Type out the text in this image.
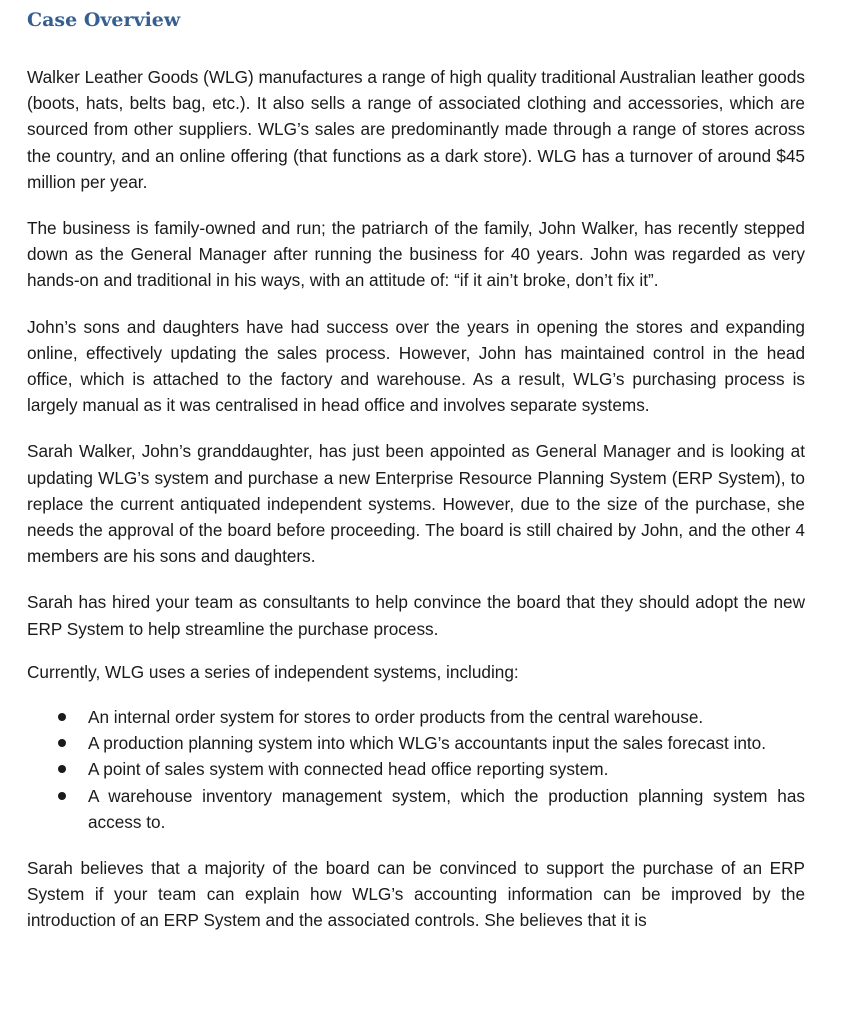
Case Overview

Walker Leather Goods (WLG) manufactures a range of high quality traditional Australian leather goods (boots, hats, belts bag, etc.). It also sells a range of associated clothing and accessories, which are sourced from other suppliers. WLG’s sales are predominantly made through a range of stores across the country, and an online offering (that functions as a dark store). WLG has a turnover of around $45 million per year.

The business is family-owned and run; the patriarch of the family, John Walker, has recently stepped down as the General Manager after running the business for 40 years. John was regarded as very hands-on and traditional in his ways, with an attitude of: “if it ain’t broke, don’t fix it”.

John’s sons and daughters have had success over the years in opening the stores and expanding online, effectively updating the sales process. However, John has maintained control in the head office, which is attached to the factory and warehouse. As a result, WLG’s purchasing process is largely manual as it was centralised in head office and involves separate systems.

Sarah Walker, John’s granddaughter, has just been appointed as General Manager and is looking at updating WLG’s system and purchase a new Enterprise Resource Planning System (ERP System), to replace the current antiquated independent systems. However, due to the size of the purchase, she needs the approval of the board before proceeding. The board is still chaired by John, and the other 4 members are his sons and daughters.

Sarah has hired your team as consultants to help convince the board that they should adopt the new ERP System to help streamline the purchase process.

Currently, WLG uses a series of independent systems, including:

An internal order system for stores to order products from the central warehouse.
A production planning system into which WLG’s accountants input the sales forecast into.
A point of sales system with connected head office reporting system.
A warehouse inventory management system, which the production planning system has access to.

Sarah believes that a majority of the board can be convinced to support the purchase of an ERP System if your team can explain how WLG’s accounting information can be improved by the introduction of an ERP System and the associated controls. She believes that it is
